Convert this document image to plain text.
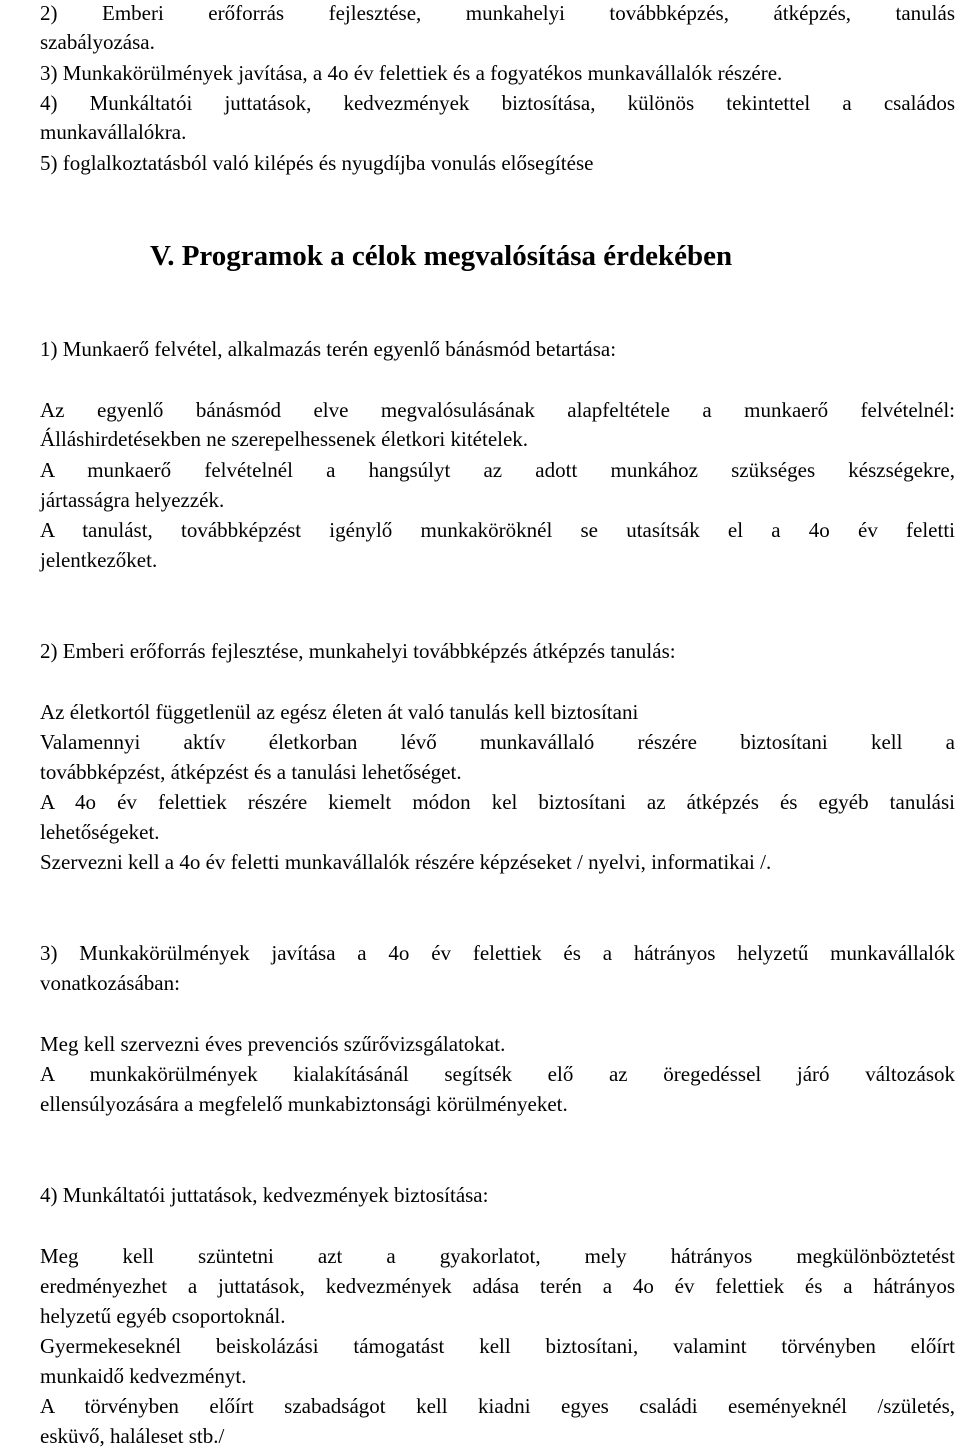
2) Emberi erőforrás fejlesztése, munkahelyi továbbképzés, átképzés, tanulás
szabályozása.
3) Munkakörülmények javítása, a 4o év felettiek és a fogyatékos munkavállalók részére.
4) Munkáltatói juttatások, kedvezmények biztosítása, különös tekintettel a családos
munkavállalókra.
5) foglalkoztatásból való kilépés és nyugdíjba vonulás elősegítése
V. Programok a célok megvalósítása érdekében
1) Munkaerő felvétel, alkalmazás terén egyenlő bánásmód betartása:
Az egyenlő bánásmód elve megvalósulásának alapfeltétele a munkaerő felvételnél:
Álláshirdetésekben ne szerepelhessenek életkori kitételek.
A munkaerő felvételnél a hangsúlyt az adott munkához szükséges készségekre,
jártasságra helyezzék.
A tanulást, továbbképzést igénylő munkaköröknél se utasítsák el a 4o év feletti
jelentkezőket.
2) Emberi erőforrás fejlesztése, munkahelyi továbbképzés átképzés tanulás:
Az életkortól függetlenül az egész életen át való tanulás kell biztosítani
Valamennyi aktív életkorban lévő munkavállaló részére biztosítani kell a
továbbképzést, átképzést és a tanulási lehetőséget.
A 4o év felettiek részére kiemelt módon kel biztosítani az átképzés és egyéb tanulási
lehetőségeket.
Szervezni kell a 4o év feletti munkavállalók részére képzéseket / nyelvi, informatikai /.
3) Munkakörülmények javítása a 4o év felettiek és a hátrányos helyzetű munkavállalók
vonatkozásában:
Meg kell szervezni éves prevenciós szűrővizsgálatokat.
A munkakörülmények kialakításánál segítsék elő az öregedéssel járó változások
ellensúlyozására a megfelelő munkabiztonsági körülményeket.
4) Munkáltatói juttatások, kedvezmények biztosítása:
Meg kell szüntetni azt a gyakorlatot, mely hátrányos megkülönböztetést
eredményezhet a juttatások, kedvezmények adása terén a 4o év felettiek és a hátrányos
helyzetű egyéb csoportoknál.
Gyermekeseknél beiskolázási támogatást kell biztosítani, valamint törvényben előírt
munkaidő kedvezményt.
A törvényben előírt szabadságot kell kiadni egyes családi eseményeknél /születés,
esküvő, haláleset stb./
